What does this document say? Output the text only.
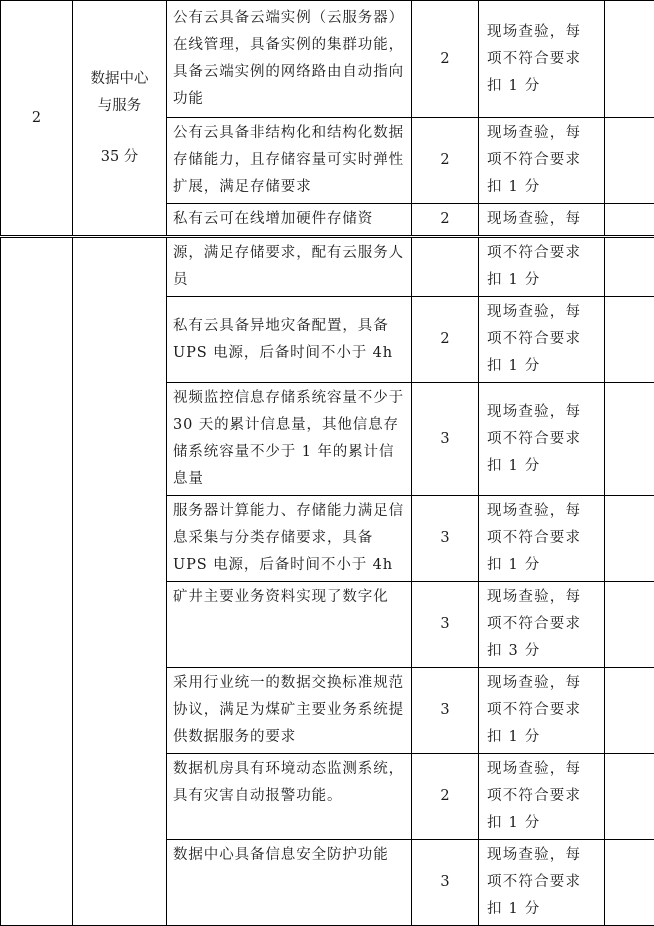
2	数据中心
与服务
35 分	公有云具备云端实例（云服务器）在线管理，具备实例的集群功能，具备云端实例的网络路由自动指向功能	2	现场查验，每项不符合要求扣 1 分	
		公有云具备非结构化和结构化数据存储能力，且存储容量可实时弹性扩展，满足存储要求	2	现场查验，每项不符合要求扣 1 分	
		私有云可在线增加硬件存储资	2	现场查验，每	
		源，满足存储要求，配有云服务人员		项不符合要求扣 1 分	
		私有云具备异地灾备配置，具备 UPS 电源，后备时间不小于 4h	2	现场查验，每项不符合要求扣 1 分	
		视频监控信息存储系统容量不少于 30 天的累计信息量，其他信息存储系统容量不少于 1 年的累计信息量	3	现场查验，每项不符合要求扣 1 分	
		服务器计算能力、存储能力满足信息采集与分类存储要求，具备 UPS 电源，后备时间不小于 4h	3	现场查验，每项不符合要求扣 1 分	
		矿井主要业务资料实现了数字化	3	现场查验，每项不符合要求扣 3 分	
		采用行业统一的数据交换标准规范协议，满足为煤矿主要业务系统提供数据服务的要求	3	现场查验，每项不符合要求扣 1 分	
		数据机房具有环境动态监测系统，具有灾害自动报警功能。	2	现场查验，每项不符合要求扣 1 分	
		数据中心具备信息安全防护功能	3	现场查验，每项不符合要求扣 1 分	
